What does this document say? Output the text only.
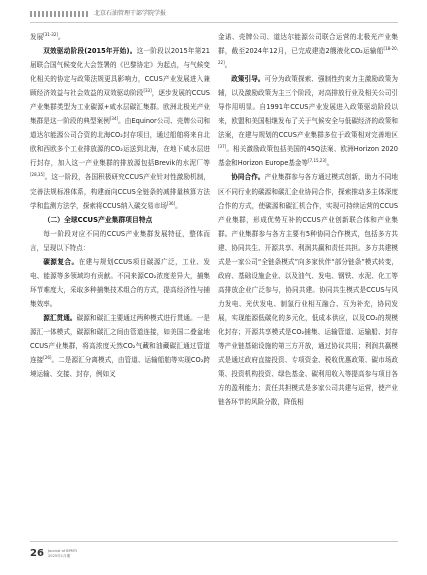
北京石油管理干部学院学报

发展[31-32]。

双效驱动阶段(2015年开始)。这一阶段以2015年第21届联合国气候变化大会签署的《巴黎协定》为起点，与气候变化相关的协定与政策法规更具影响力，CCUS产业发展进入兼顾经济效益与社会效益的双效驱动阶段[33]，逐步发展的CCUS产业集群类型为工业碳源+咸水层碳汇集群。欧洲北极光产业集群是这一阶段的典型案例[34]。由Equinor公司、壳牌公司和道达尔能源公司合资的北海CO₂封存项目，通过船舶将来自北欧和西欧多个工业排放源的CO₂运送到北海，在地下咸水层进行封存，加入这一产业集群的排放源包括Brevik的水泥厂等[28,35]。这一阶段，各国积极研究CCUS产业针对性激励机制，完善法规标准体系，构建面向CCUS全链条的减排量核算方法学和监测方法学，探索将CCUS纳入碳交易市场[36]。

（二）全球CCUS产业集群项目特点

每一阶段对应不同的CCUS产业集群发展特征，整体而言，呈现以下特点：

碳源复合。在建与规划CCUS项目碳源广泛，工业、发电、能源等多领域均有贡献。不同来源CO₂浓度差异大，捕集环节难度大，采取多种捕集技术组合的方式，提高经济性与捕集效率。

源汇贯通。碳源和碳汇主要通过两种模式进行贯通。一是源汇一体模式，碳源和碳汇之间由管道连接，如美国二叠盆地CCUS产业集群，将高浓度天然CO₂气藏和油藏碳汇通过管道连接[26]。二是源汇分离模式，由管道、运输船舶等实现CO₂跨境运输、交接、封存，例如叉

金诺、壳牌公司、道达尔能源公司联合运营的北极光产业集群，截至2024年12月，已完成建造2艘液化CO₂运输船[18-20, 22]。

政策引导。可分为政策探索、强制性约束力主激励政策为辅，以及激励政策为主三个阶段，对高排放行业及相关公司引导作用明显。自1991年CCUS产业发展进入政策驱动阶段以来，欧盟和美国相继发布了关于气候安全与低碳经济的政策和法案，在建与规划的CCUS产业集群多位于政策相对完善地区[37]。相关激励政策包括美国的45Q法案、欧洲Horizon 2020基金和Horizon Europe基金等[7,15,23]。

协同合作。产业集群参与各方通过模式创新，助力不同地区不同行业的碳源和碳汇企业协同合作，探索推动多主体深度合作的方式，使碳源和碳汇机合作，实现可持续运营的CCUS产业集群，形成优势互补的CCUS产业创新联合体和产业集群。产业集群参与各方主要有5种协同合作模式，包括多方共建、协同共生、开源共享、利润共赢和责任共担。多方共建模式是一家公司“全链条模式”向多家伙伴“部分链条”模式转变，政府、基础设施企业、以及油气、发电、钢铁、水泥、化工等高排放企业广泛参与，协同共建。协同共生模式是CCUS与风力发电、光伏发电、制氢行业相互融合、互为补充，协同发展，实现能源低碳化的多元化，低成本供应，以及CO₂的规模化封存；开源共享模式是CO₂捕集、运输管道、运输船、封存等产业链基础设施的第三方开放，通过协议共用；利润共赢模式是通过政府直接投资、专项资金、税收优惠政策、碳市场政策、投资机构投资、绿色基金、碳利用收入等提高参与项目各方的盈利能力；责任共担模式是多家公司共建与运营，使产业链各环节的风险分散，降低相

26 Journal of BPMTI
2025年1月期
